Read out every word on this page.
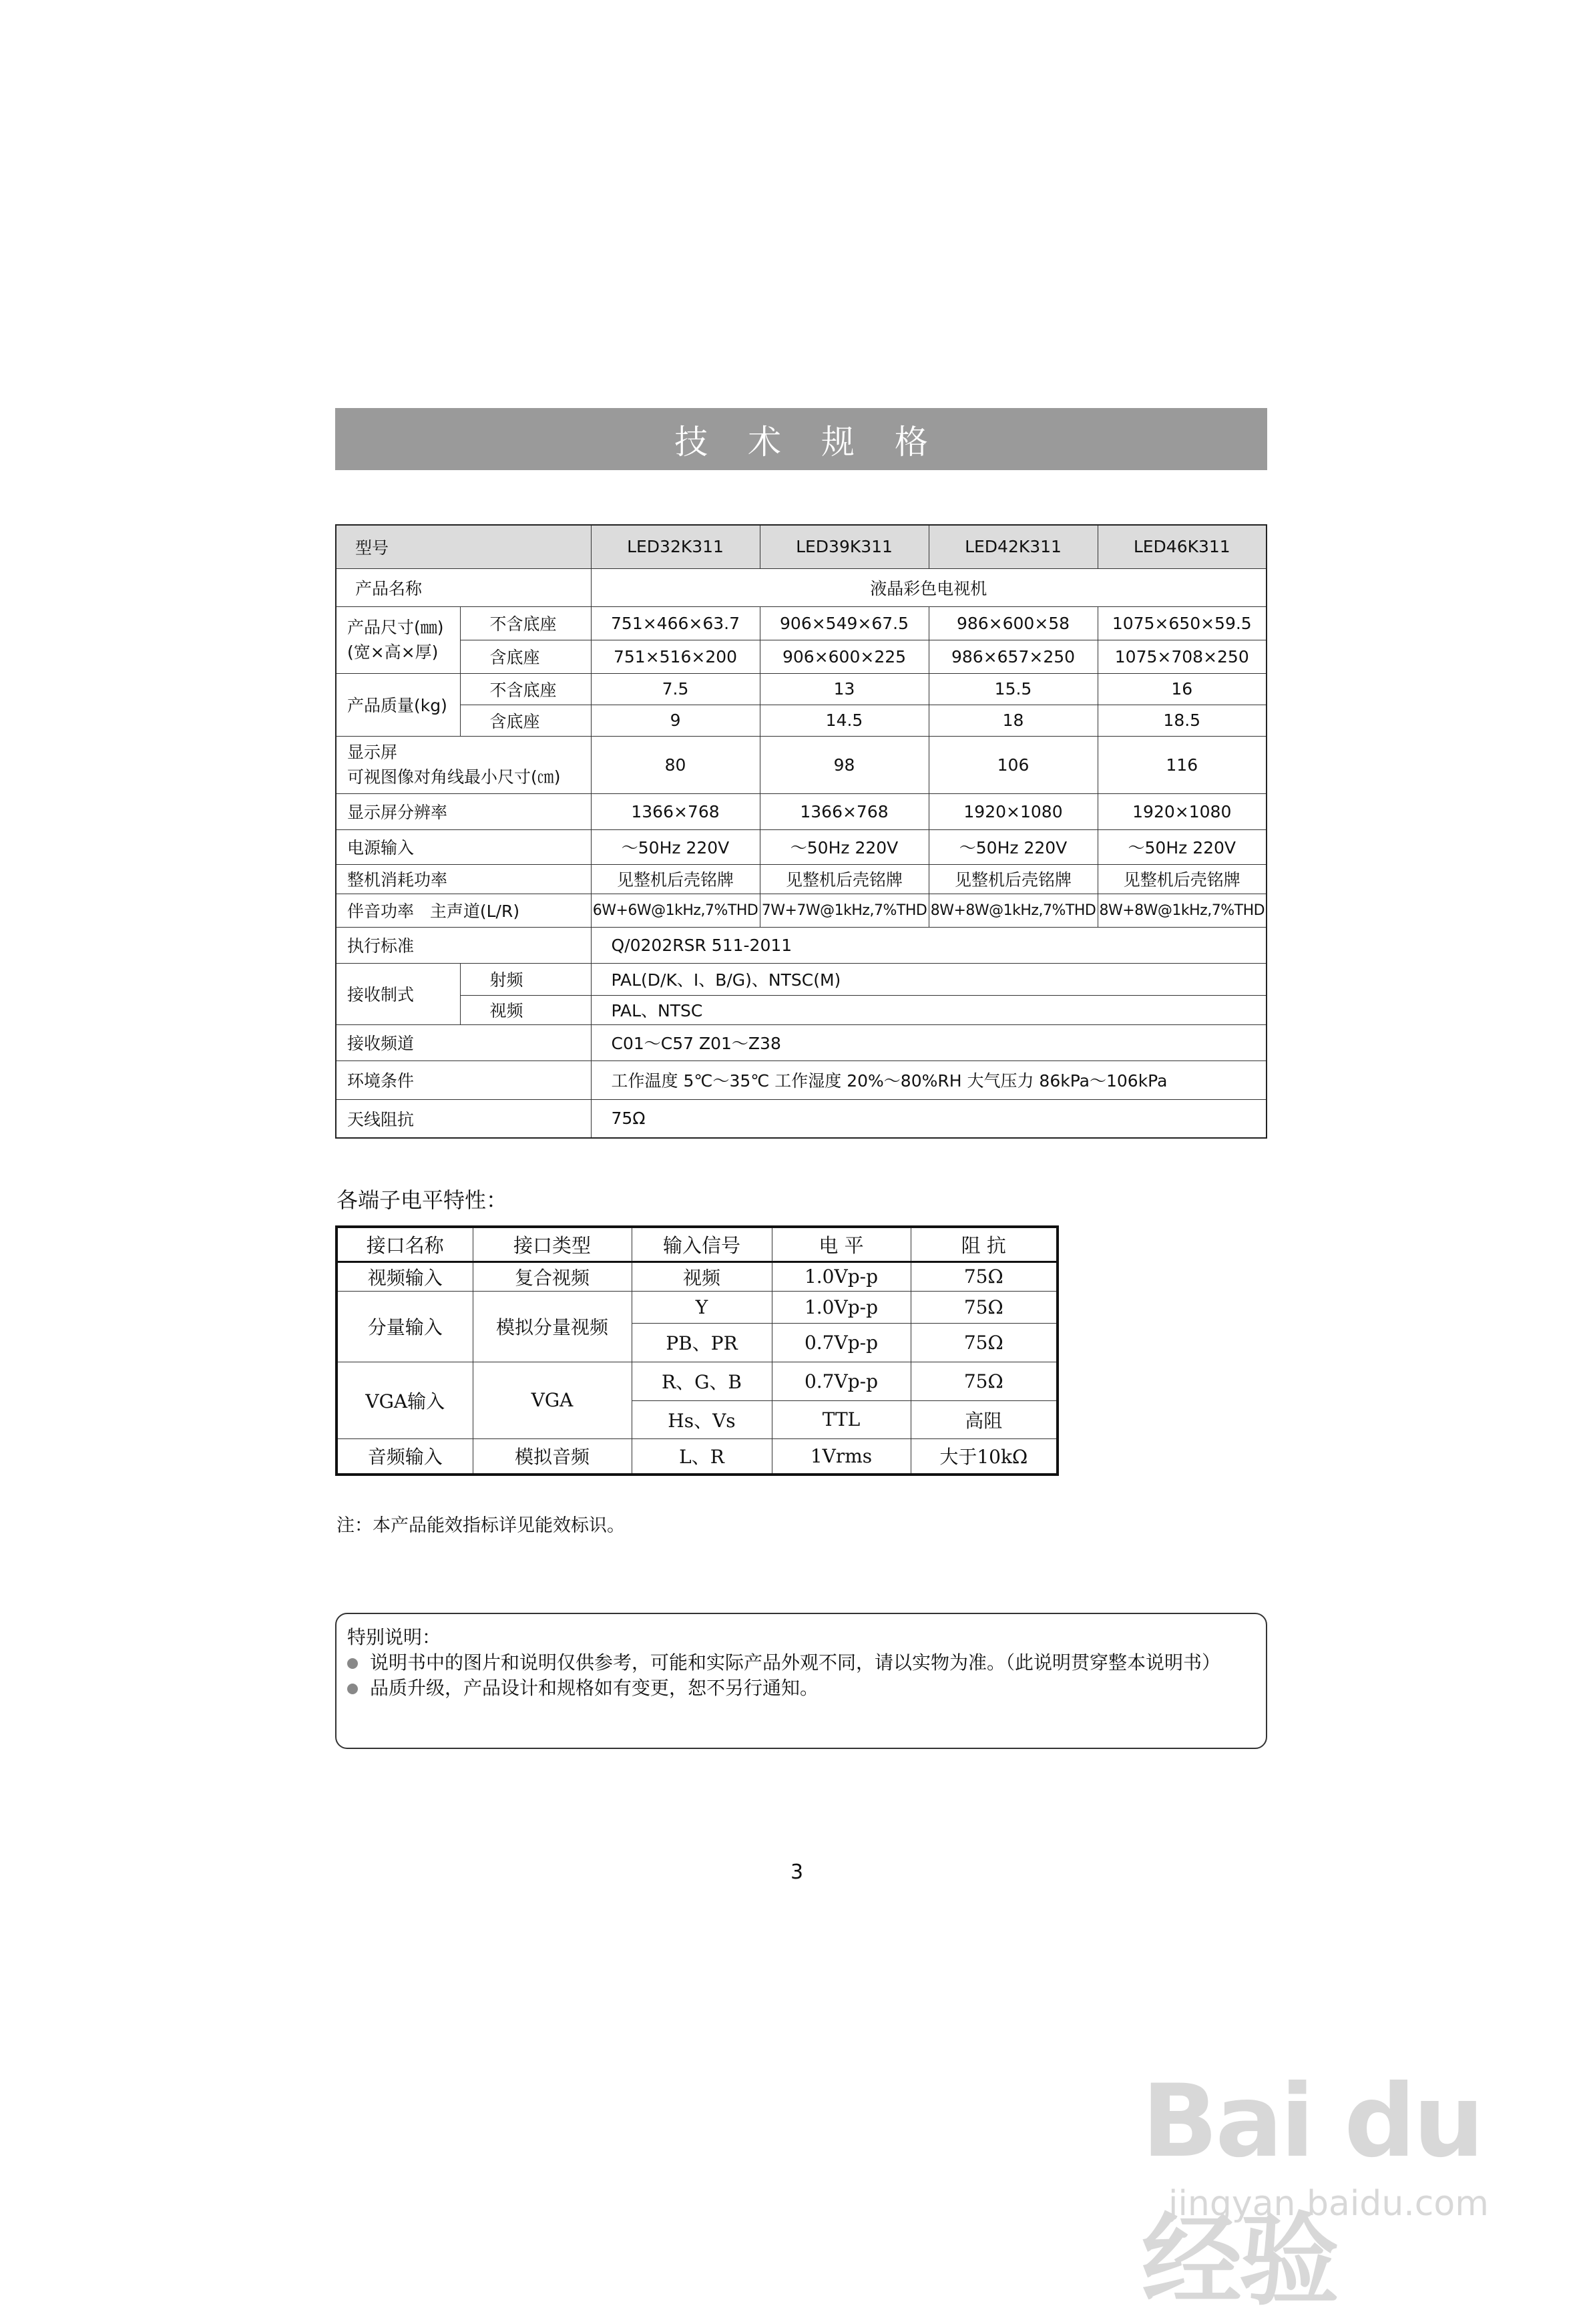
技 术 规 格
型号		LED32K311	LED39K311	LED42K311	LED46K311
产品名称		液晶彩色电视机			

产品尺寸(㎜)
(宽×高×厚)	不含底座	751×466×63.7	906×549×67.5	986×600×58	1075×650×59.5
	含底座	751×516×200	906×600×225	986×657×250	1075×708×250
产品质量(kg)	不含底座	7.5	13	15.5	16
	含底座	9	14.5	18	18.5

显示屏
可视图像对角线最小尺寸(㎝)		80	98	106	116
显示屏分辨率		1366×768	1366×768	1920×1080	1920×1080
电源输入		～50Hz 220V	～50Hz 220V	～50Hz 220V	～50Hz 220V
整机消耗功率		见整机后壳铭牌	见整机后壳铭牌	见整机后壳铭牌	见整机后壳铭牌
伴音功率 主声道(L/R)		6W+6W@1kHz,7%THD	7W+7W@1kHz,7%THD	8W+8W@1kHz,7%THD	8W+8W@1kHz,7%THD
执行标准		Q/0202RSR 511-2011			
接收制式	射频	PAL(D/K、I、B/G)、NTSC(M)			
	视频	PAL、NTSC			
接收频道		C01～C57 Z01～Z38			
环境条件		工作温度 5℃～35℃ 工作湿度 20%～80%RH 大气压力 86kPa～106kPa			
天线阻抗		75Ω			
各端子电平特性：
接口名称	接口类型	输入信号	电 平	阻 抗
视频输入	复合视频	视频	1.0Vp-p	75Ω
分量输入	模拟分量视频	Y	1.0Vp-p	75Ω
		PB、PR	0.7Vp-p	75Ω
VGA输入	VGA	R、G、B	0.7Vp-p	75Ω
		Hs、Vs	TTL	高阻
音频输入	模拟音频	L、R	1Vrms	大于10kΩ
注：本产品能效指标详见能效标识。
特别说明：
说明书中的图片和说明仅供参考，可能和实际产品外观不同，请以实物为准。（此说明贯穿整本说明书）
品质升级，产品设计和规格如有变更，恕不另行通知。
3
Bai du 经验
jingyan.baidu.com
